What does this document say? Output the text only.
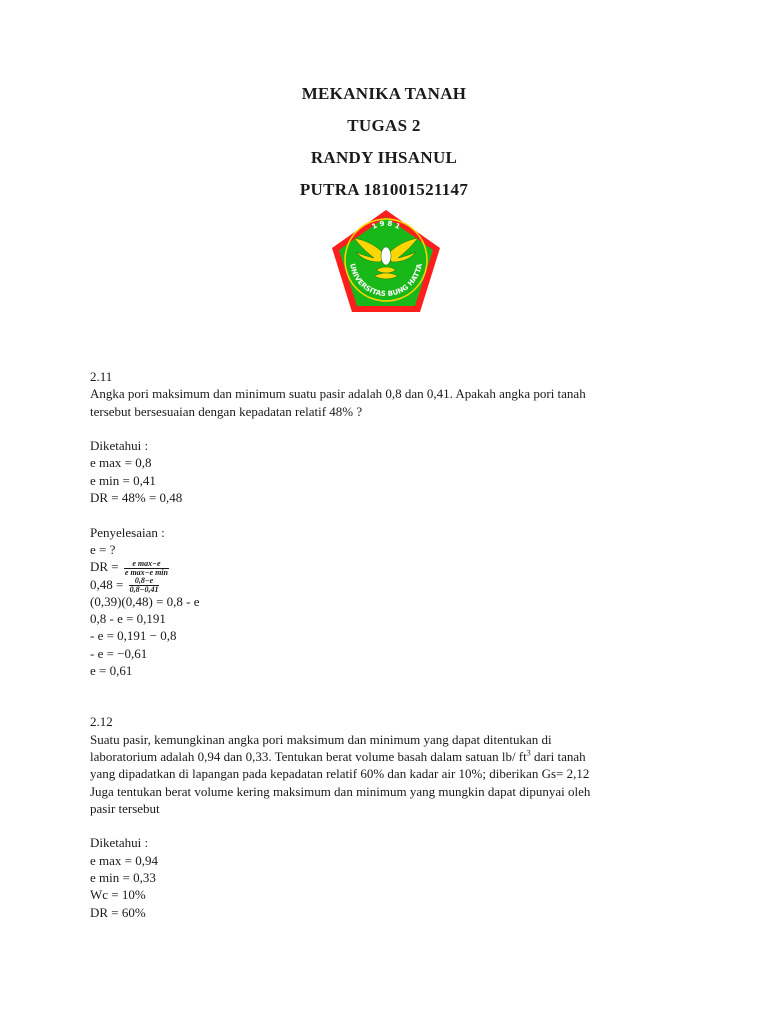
MEKANIKA TANAH
TUGAS 2
RANDY IHSANUL
PUTRA 181001521147
1 9 8 1
UNIVERSITAS BUNG HATTA
2.11
Angka pori maksimum dan minimum suatu pasir adalah 0,8 dan 0,41. Apakah angka pori tanah
tersebut bersesuaian dengan kepadatan relatif 48% ?
Diketahui :
e max = 0,8
e min = 0,41
DR = 48% = 0,48
Penyelesaian :
e = ?
DR = $\frac{\text{e max−e}}{\text{e max−e min}}$
$0,48 = \frac{0,8-e}{0,8-0,41}$
(0,39)(0,48) = 0,8 - e
0,8 - e = 0,191
- e = 0,191 − 0,8
- e = −0,61
e = 0,61
2.12
Suatu pasir, kemungkinan angka pori maksimum dan minimum yang dapat ditentukan di
laboratorium adalah 0,94 dan 0,33. Tentukan berat volume basah dalam satuan lb/ $ft^3$ dari tanah
yang dipadatkan di lapangan pada kepadatan relatif 60% dan kadar air 10%; diberikan Gs= 2,12
Juga tentukan berat volume kering maksimum dan minimum yang mungkin dapat dipunyai oleh
pasir tersebut
Diketahui :
e max = 0,94
e min = 0,33
Wc = 10%
DR = 60%
